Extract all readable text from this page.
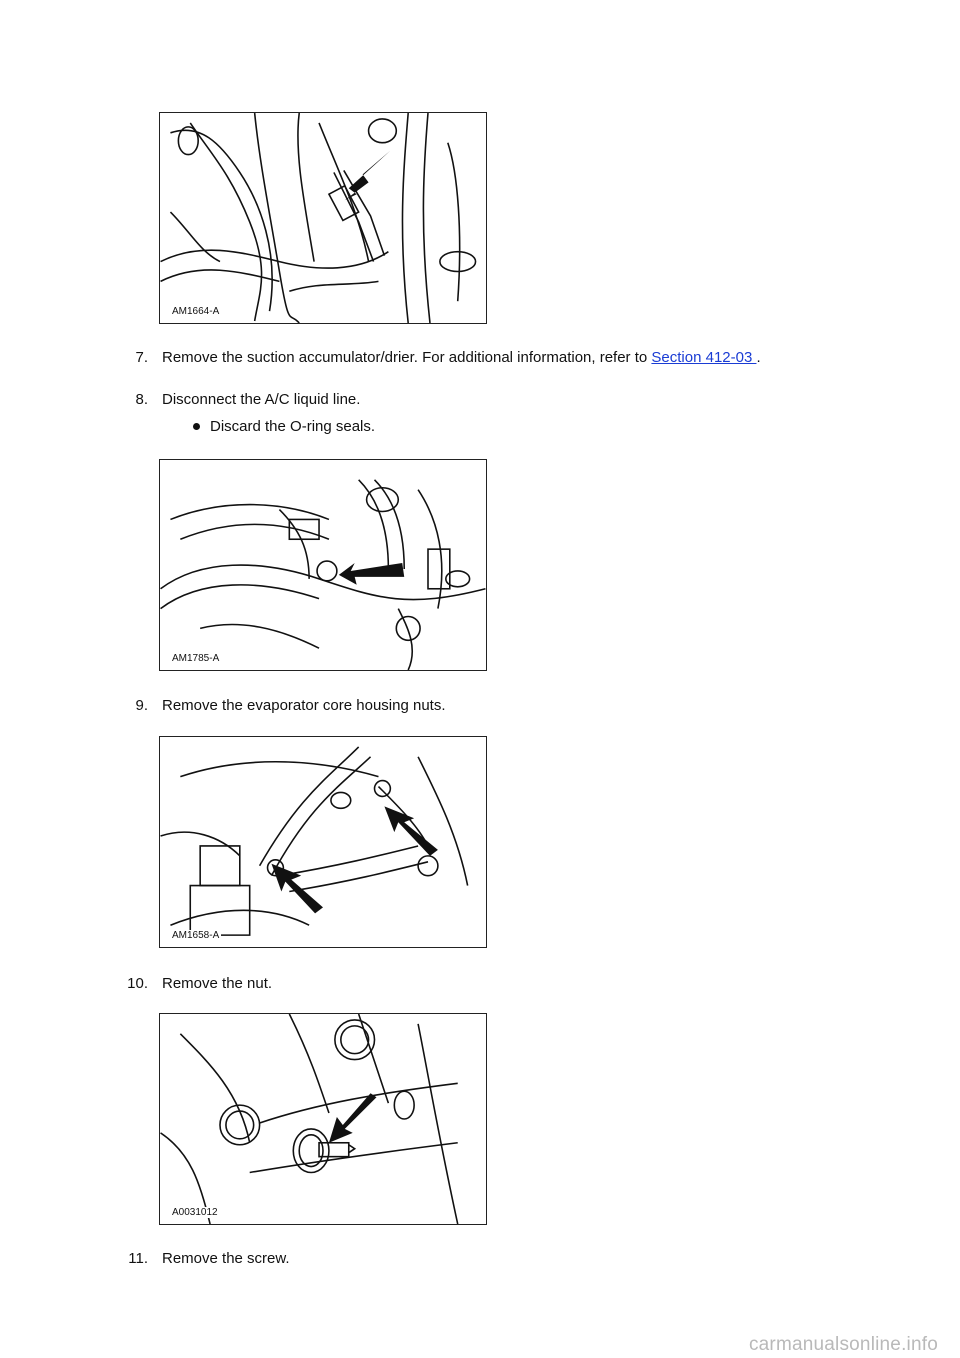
AM1664-A
7. Remove the suction accumulator/drier. For additional information, refer to Section 412-03 .
8. Disconnect the A/C liquid line.
Discard the O-ring seals.
AM1785-A
9. Remove the evaporator core housing nuts.
AM1658-A
10. Remove the nut.
A0031012
11. Remove the screw.
carmanualsonline.info
